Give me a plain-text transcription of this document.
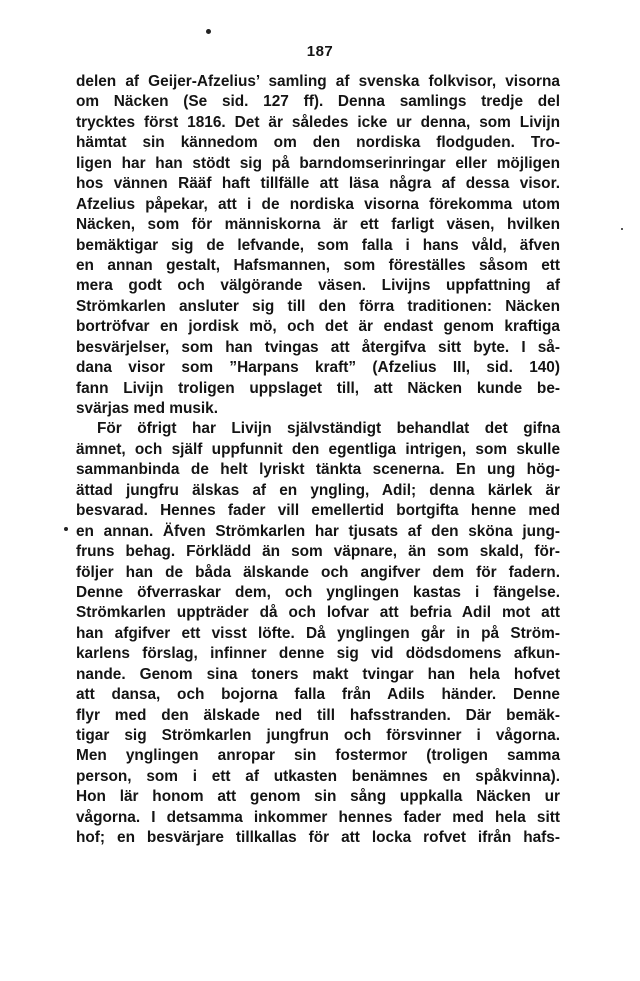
187
delen af Geijer-Afzelius’ samling af svenska folkvisor, visorna
om Näcken (Se sid. 127 ff). Denna samlings tredje del
trycktes först 1816. Det är således icke ur denna, som Livijn
hämtat sin kännedom om den nordiska flodguden. Tro-
ligen har han stödt sig på barndomserinringar eller möjligen
hos vännen Rääf haft tillfälle att läsa några af dessa visor.
Afzelius påpekar, att i de nordiska visorna förekomma utom
Näcken, som för människorna är ett farligt väsen, hvilken
bemäktigar sig de lefvande, som falla i hans våld, äfven
en annan gestalt, Hafsmannen, som föreställes såsom ett
mera godt och välgörande väsen. Livijns uppfattning af
Strömkarlen ansluter sig till den förra traditionen: Näcken
bortröfvar en jordisk mö, och det är endast genom kraftiga
besvärjelser, som han tvingas att återgifva sitt byte. I så-
dana visor som ”Harpans kraft” (Afzelius III, sid. 140)
fann Livijn troligen uppslaget till, att Näcken kunde be-
svärjas med musik.
För öfrigt har Livijn självständigt behandlat det gifna
ämnet, och själf uppfunnit den egentliga intrigen, som skulle
sammanbinda de helt lyriskt tänkta scenerna. En ung hög-
ättad jungfru älskas af en yngling, Adil; denna kärlek är
besvarad. Hennes fader vill emellertid bortgifta henne med
en annan. Äfven Strömkarlen har tjusats af den sköna jung-
fruns behag. Förklädd än som väpnare, än som skald, för-
följer han de båda älskande och angifver dem för fadern.
Denne öfverraskar dem, och ynglingen kastas i fängelse.
Strömkarlen uppträder då och lofvar att befria Adil mot att
han afgifver ett visst löfte. Då ynglingen går in på Ström-
karlens förslag, infinner denne sig vid dödsdomens afkun-
nande. Genom sina toners makt tvingar han hela hofvet
att dansa, och bojorna falla från Adils händer. Denne
flyr med den älskade ned till hafsstranden. Där bemäk-
tigar sig Strömkarlen jungfrun och försvinner i vågorna.
Men ynglingen anropar sin fostermor (troligen samma
person, som i ett af utkasten benämnes en spåkvinna).
Hon lär honom att genom sin sång uppkalla Näcken ur
vågorna. I detsamma inkommer hennes fader med hela sitt
hof; en besvärjare tillkallas för att locka rofvet ifrån hafs-
